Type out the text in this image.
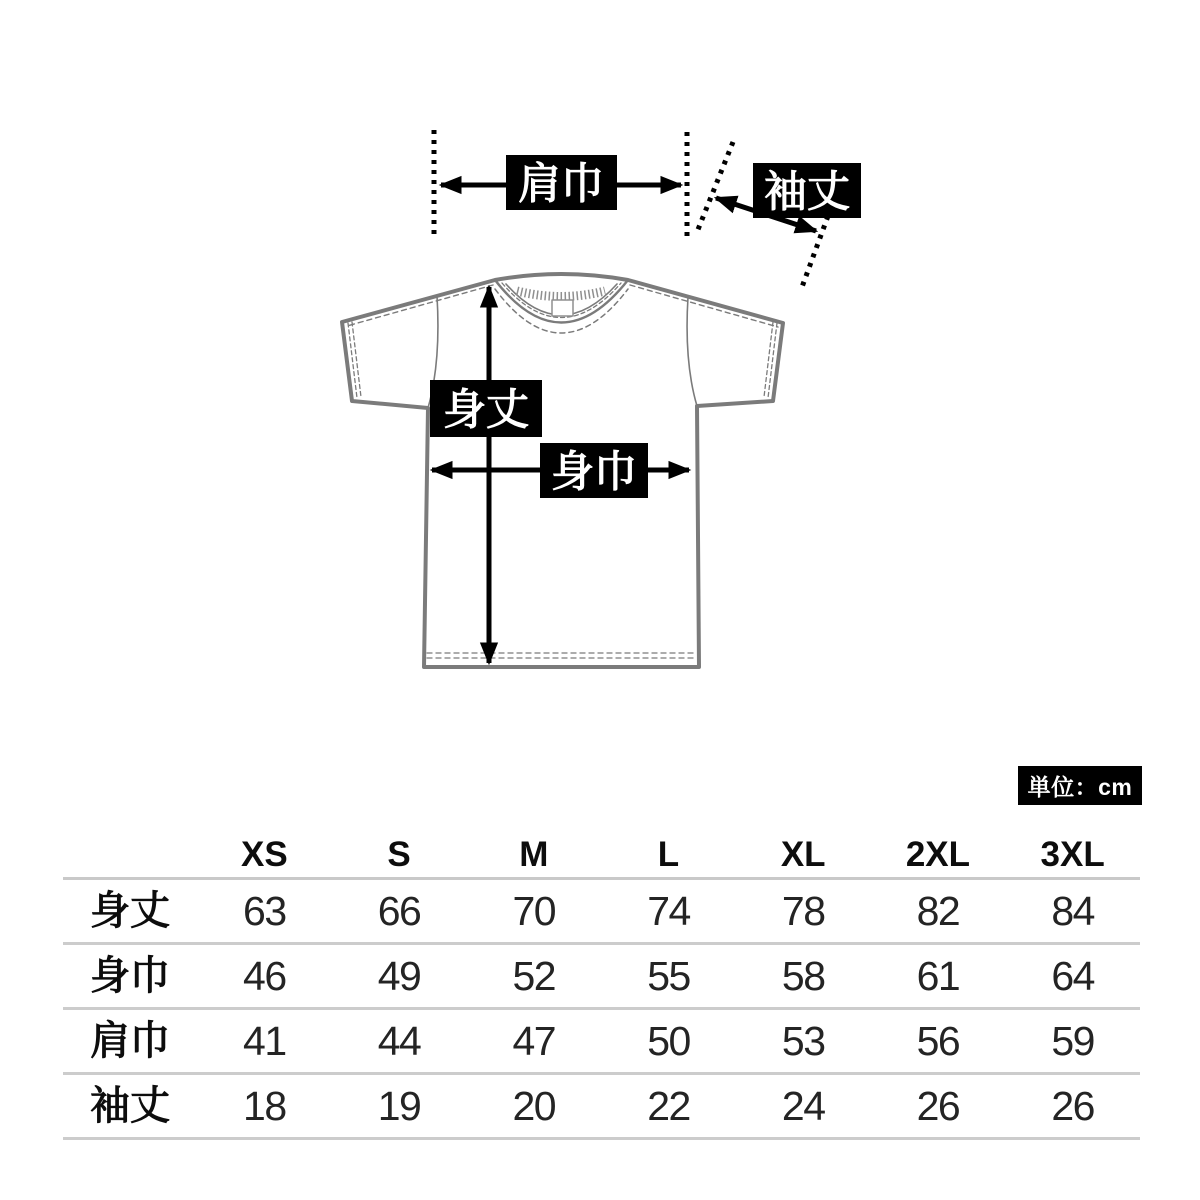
肩巾	袖丈
身丈
身巾
単位：cm
XS	S	M	L	XL	2XL	3XL
身丈	63	66	70	74	78	82	84
身巾	46	49	52	55	58	61	64
肩巾	41	44	47	50	53	56	59
袖丈	18	19	20	22	24	26	26
